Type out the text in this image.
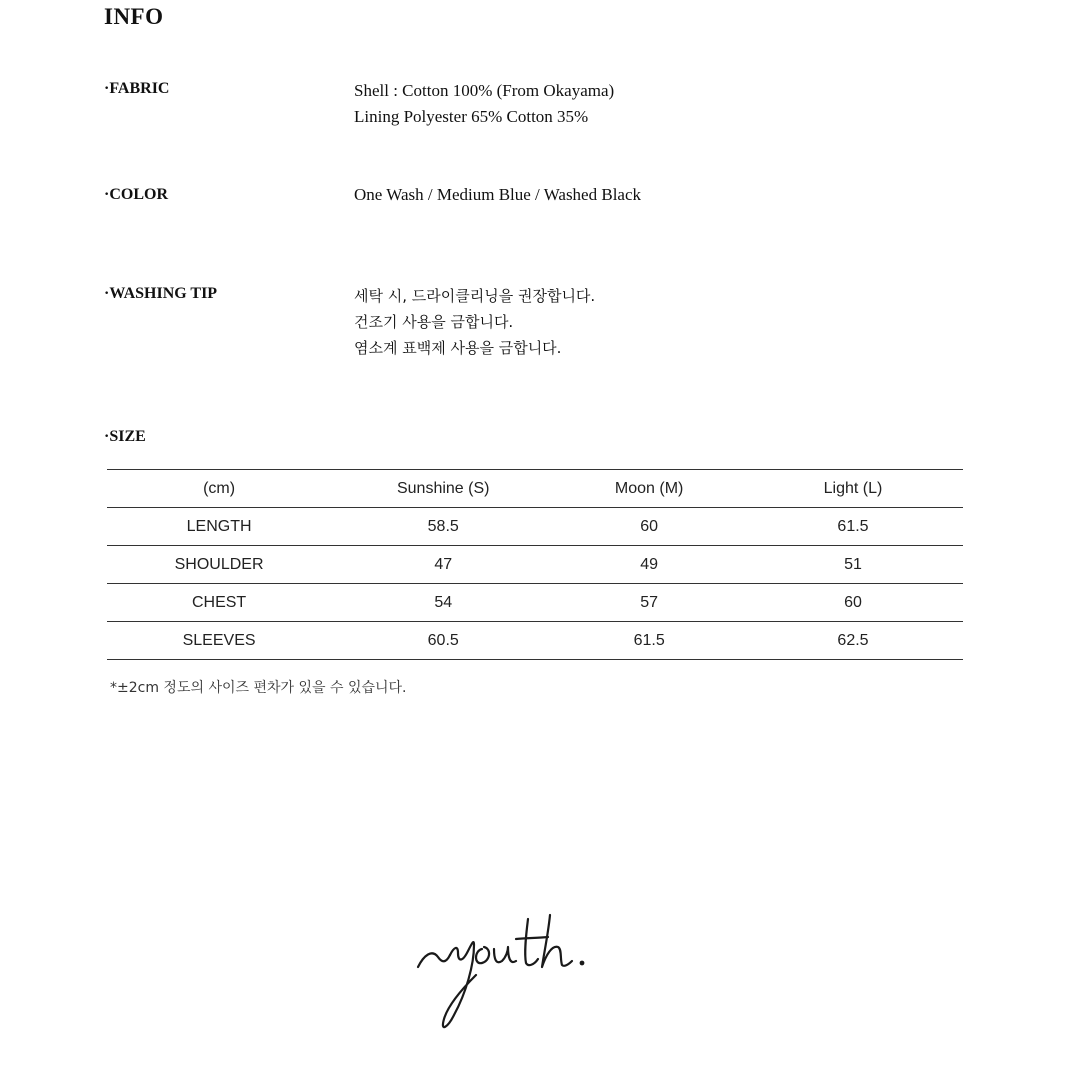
INFO
·FABRIC	Shell : Cotton 100% (From Okayama)
Lining Polyester 65% Cotton 35%
·COLOR	One Wash / Medium Blue / Washed Black
·WASHING TIP	세탁 시, 드라이클리닝을 권장합니다.
건조기 사용을 금합니다.
염소계 표백제 사용을 금합니다.
·SIZE
(cm)	Sunshine (S)	Moon (M)	Light (L)
LENGTH	58.5	60	61.5
SHOULDER	47	49	51
CHEST	54	57	60
SLEEVES	60.5	61.5	62.5
*±2cm 정도의 사이즈 편차가 있을 수 있습니다.
